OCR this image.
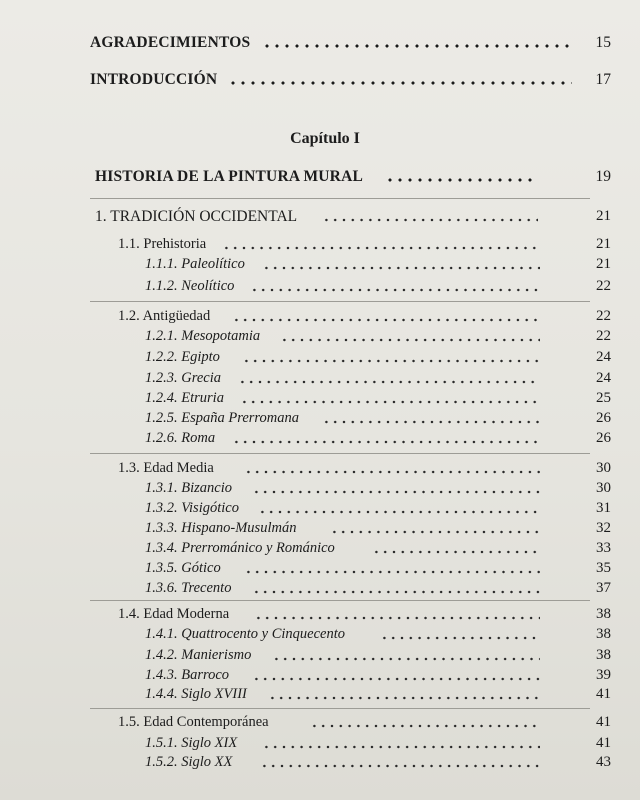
AGRADECIMIENTOS	15
INTRODUCCIÓN	17
Capítulo I
HISTORIA DE LA PINTURA MURAL	19
1. TRADICIÓN OCCIDENTAL	21
1.1. Prehistoria	21
1.1.1. Paleolítico	21
1.1.2. Neolítico	22
1.2. Antigüedad	22
1.2.1. Mesopotamia	22
1.2.2. Egipto	24
1.2.3. Grecia	24
1.2.4. Etruria	25
1.2.5. España Prerromana	26
1.2.6. Roma	26
1.3. Edad Media	30
1.3.1. Bizancio	30
1.3.2. Visigótico	31
1.3.3. Hispano-Musulmán	32
1.3.4. Prerrománico y Románico	33
1.3.5. Gótico	35
1.3.6. Trecento	37
1.4. Edad Moderna	38
1.4.1. Quattrocento y Cinquecento	38
1.4.2. Manierismo	38
1.4.3. Barroco	39
1.4.4. Siglo XVIII	41
1.5. Edad Contemporánea	41
1.5.1. Siglo XIX	41
1.5.2. Siglo XX	43
